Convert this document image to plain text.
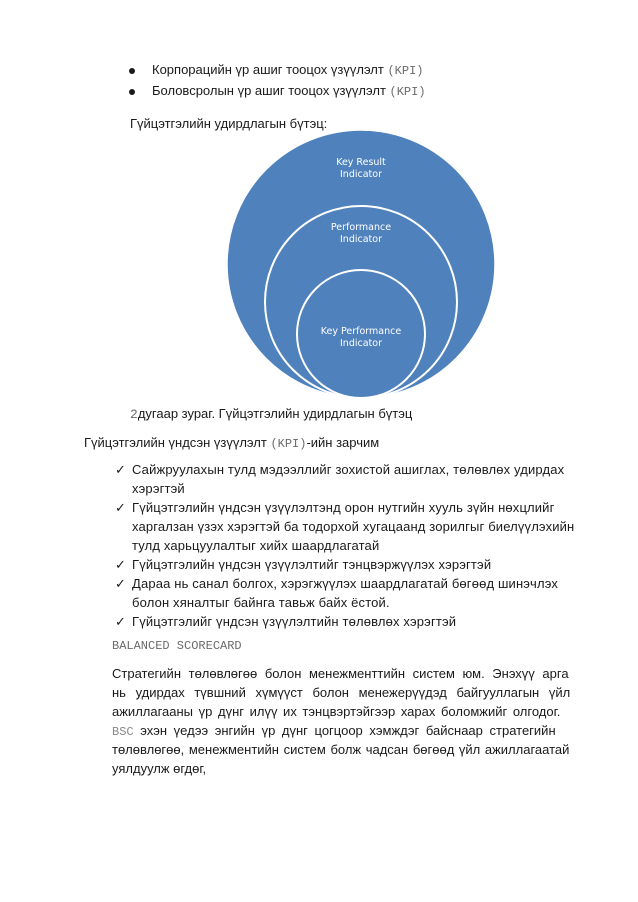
Корпорацийн үр ашиг тооцох үзүүлэлт (KPI)
Боловсролын үр ашиг тооцох үзүүлэлт (KPI)
Гүйцэтгэлийн удирдлагын бүтэц:
Key Result
Indicator
Performance
Indicator
Key Performance
Indicator
2дугаар зураг. Гүйцэтгэлийн удирдлагын бүтэц
Гүйцэтгэлийн үндсэн үзүүлэлт (KPI)-ийн зарчим
✓ Сайжруулахын тулд мэдээллийг зохистой ашиглах, төлөвлөх удирдах
хэрэгтэй
✓ Гүйцэтгэлийн үндсэн үзүүлэлтэнд орон нутгийн хууль зүйн нөхцлийг
харгалзан үзэх хэрэгтэй ба тодорхой хугацаанд зорилгыг биелүүлэхийн
тулд харьцуулалтыг хийх шаардлагатай
✓ Гүйцэтгэлийн үндсэн үзүүлэлтийг тэнцвэржүүлэх хэрэгтэй
✓ Дараа нь санал болгох, хэрэгжүүлэх шаардлагатай бөгөөд шинэчлэх
болон хяналтыг байнга тавьж байх ёстой.
✓ Гүйцэтгэлийг үндсэн үзүүлэлтийн төлөвлөх хэрэгтэй
BALANCED SCORECARD
Стратегийн төлөвлөгөө болон менежменттийн систем юм. Энэхүү арга
нь удирдах түвшний хүмүүст болон менежерүүдэд байгууллагын үйл
ажиллагааны үр дүнг илүү их тэнцвэртэйгээр харах боломжийг олгодог.
BSC эхэн үедээ энгийн үр дүнг цогцоор хэмждэг байснаар стратегийн
төлөвлөгөө, менежментийн систем болж чадсан бөгөөд үйл ажиллагаатай
уялдуулж өгдөг,
